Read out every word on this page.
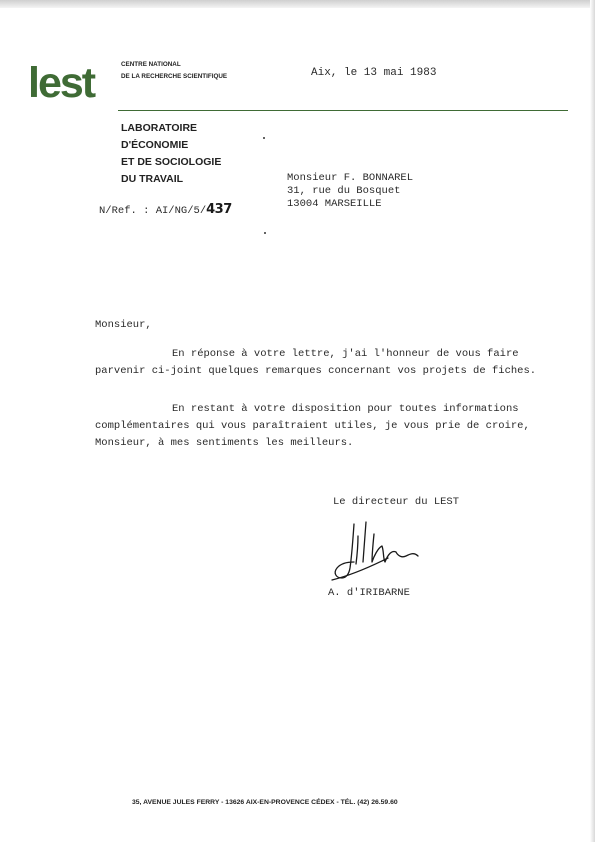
lest	CENTRE NATIONAL
DE LA RECHERCHE SCIENTIFIQUE	Aix, le 13 mai 1983
LABORATOIRE
D'ÉCONOMIE
ET DE SOCIOLOGIE
DU TRAVAIL	Monsieur F. BONNAREL
31, rue du Bosquet
13004 MARSEILLE
N/Ref. : AI/NG/5/437
Monsieur,
En réponse à votre lettre, j'ai l'honneur de vous faire
parvenir ci-joint quelques remarques concernant vos projets de fiches.
En restant à votre disposition pour toutes informations
complémentaires qui vous paraîtraient utiles, je vous prie de croire,
Monsieur, à mes sentiments les meilleurs.
Le directeur du LEST
A. d'IRIBARNE
35, AVENUE JULES FERRY - 13626 AIX-EN-PROVENCE CÉDEX - TÉL. (42) 26.59.60
